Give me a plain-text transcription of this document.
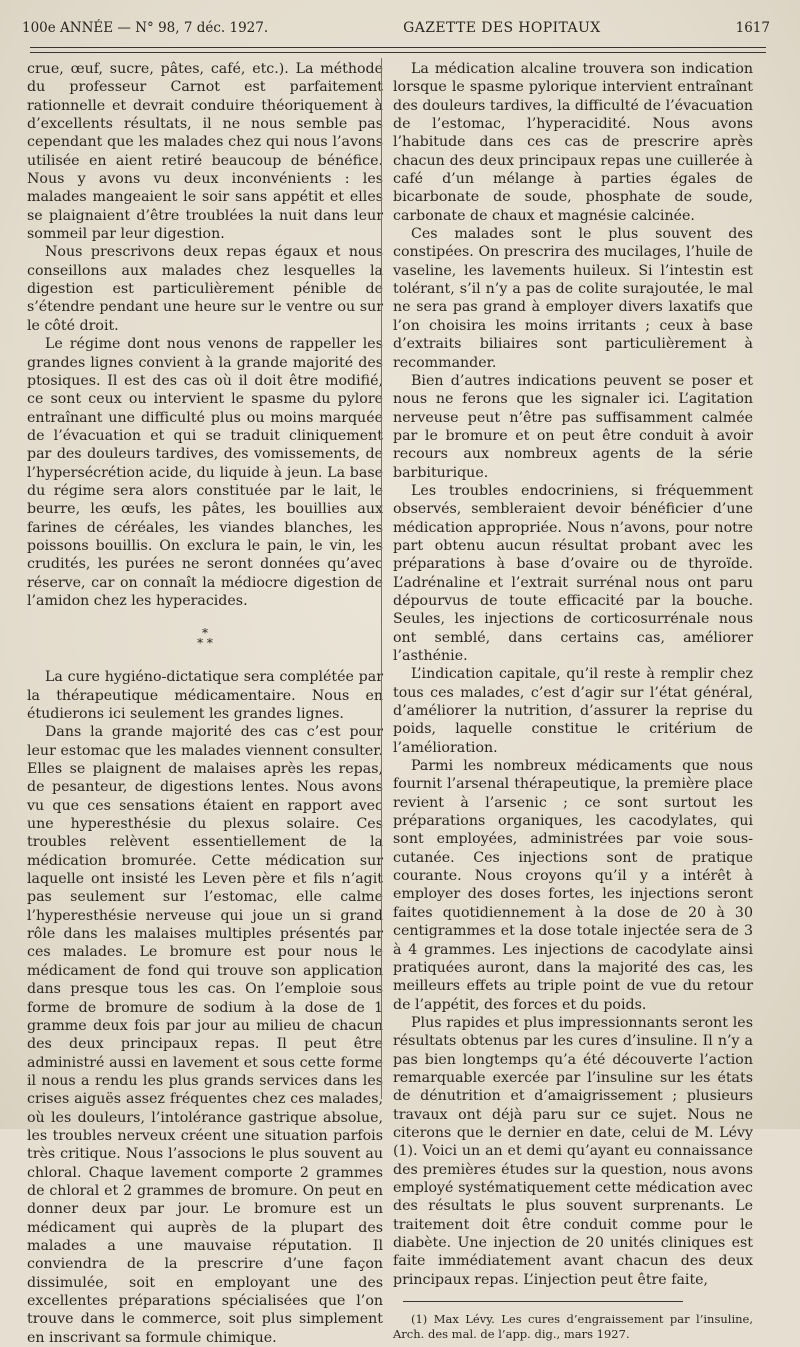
100e ANNÉE — N° 98, 7 déc. 1927.	GAZETTE DES HOPITAUX	1617

crue, œuf, sucre, pâtes, café, etc.). La méthode du professeur Carnot est parfaitement rationnelle et devrait conduire théoriquement à d’excellents résultats, il ne nous semble pas cependant que les malades chez qui nous l’avons utilisée en aient retiré beaucoup de bénéfice. Nous y avons vu deux inconvénients : les malades mangeaient le soir sans appétit et elles se plaignaient d’être troublées la nuit dans leur sommeil par leur digestion.

Nous prescrivons deux repas égaux et nous conseillons aux malades chez lesquelles la digestion est particulièrement pénible de s’étendre pendant une heure sur le ventre ou sur le côté droit.

Le régime dont nous venons de rappeller les grandes lignes convient à la grande majorité des ptosiques. Il est des cas où il doit être modifié, ce sont ceux ou intervient le spasme du pylore entraînant une difficulté plus ou moins marquée de l’évacuation et qui se traduit cliniquement par des douleurs tardives, des vomissements, de l’hypersécrétion acide, du liquide à jeun. La base du régime sera alors constituée par le lait, le beurre, les œufs, les pâtes, les bouillies aux farines de céréales, les viandes blanches, les poissons bouillis. On exclura le pain, le vin, les crudités, les purées ne seront données qu’avec réserve, car on connaît la médiocre digestion de l’amidon chez les hyperacides.

*
* *

La cure hygiéno-dictatique sera complétée par la thérapeutique médicamentaire. Nous en étudierons ici seulement les grandes lignes.

Dans la grande majorité des cas c’est pour leur estomac que les malades viennent consulter. Elles se plaignent de malaises après les repas, de pesanteur, de digestions lentes. Nous avons vu que ces sensations étaient en rapport avec une hyperesthésie du plexus solaire. Ces troubles relèvent essentiellement de la médication bromurée. Cette médication sur laquelle ont insisté les Leven père et fils n’agit pas seulement sur l’estomac, elle calme l’hyperesthésie nerveuse qui joue un si grand rôle dans les malaises multiples présentés par ces malades. Le bromure est pour nous le médicament de fond qui trouve son application dans presque tous les cas. On l’emploie sous forme de bromure de sodium à la dose de 1 gramme deux fois par jour au milieu de chacun des deux principaux repas. Il peut être administré aussi en lavement et sous cette forme il nous a rendu les plus grands services dans les crises aiguës assez fréquentes chez ces malades, où les douleurs, l’intolérance gastrique absolue, les troubles nerveux créent une situation parfois très critique. Nous l’associons le plus souvent au chloral. Chaque lavement comporte 2 grammes de chloral et 2 grammes de bromure. On peut en donner deux par jour. Le bromure est un médicament qui auprès de la plupart des malades a une mauvaise réputation. Il conviendra de la prescrire d’une façon dissimulée, soit en employant une des excellentes préparations spécialisées que l’on trouve dans le commerce, soit plus simplement en inscrivant sa formule chimique.

La médication alcaline trouvera son indication lorsque le spasme pylorique intervient entraînant des douleurs tardives, la difficulté de l’évacuation de l’estomac, l’hyperacidité. Nous avons l’habitude dans ces cas de prescrire après chacun des deux principaux repas une cuillerée à café d’un mélange à parties égales de bicarbonate de soude, phosphate de soude, carbonate de chaux et magnésie calcinée.

Ces malades sont le plus souvent des constipées. On prescrira des mucilages, l’huile de vaseline, les lavements huileux. Si l’intestin est tolérant, s’il n’y a pas de colite surajoutée, le mal ne sera pas grand à employer divers laxatifs que l’on choisira les moins irritants ; ceux à base d’extraits biliaires sont particulièrement à recommander.

Bien d’autres indications peuvent se poser et nous ne ferons que les signaler ici. L’agitation nerveuse peut n’être pas suffisamment calmée par le bromure et on peut être conduit à avoir recours aux nombreux agents de la série barbiturique.

Les troubles endocriniens, si fréquemment observés, sembleraient devoir bénéficier d’une médication appropriée. Nous n’avons, pour notre part obtenu aucun résultat probant avec les préparations à base d’ovaire ou de thyroïde. L’adrénaline et l’extrait surrénal nous ont paru dépourvus de toute efficacité par la bouche. Seules, les injections de corticosurrénale nous ont semblé, dans certains cas, améliorer l’asthénie.

L’indication capitale, qu’il reste à remplir chez tous ces malades, c’est d’agir sur l’état général, d’améliorer la nutrition, d’assurer la reprise du poids, laquelle constitue le critérium de l’amélioration.

Parmi les nombreux médicaments que nous fournit l’arsenal thérapeutique, la première place revient à l’arsenic ; ce sont surtout les préparations organiques, les cacodylates, qui sont employées, administrées par voie sous-cutanée. Ces injections sont de pratique courante. Nous croyons qu’il y a intérêt à employer des doses fortes, les injections seront faites quotidiennement à la dose de 20 à 30 centigrammes et la dose totale injectée sera de 3 à 4 grammes. Les injections de cacodylate ainsi pratiquées auront, dans la majorité des cas, les meilleurs effets au triple point de vue du retour de l’appétit, des forces et du poids.

Plus rapides et plus impressionnants seront les résultats obtenus par les cures d’insuline. Il n’y a pas bien longtemps qu’a été découverte l’action remarquable exercée par l’insuline sur les états de dénutrition et d’amaigrissement ; plusieurs travaux ont déjà paru sur ce sujet. Nous ne citerons que le dernier en date, celui de M. Lévy (1). Voici un an et demi qu’ayant eu connaissance des premières études sur la question, nous avons employé systématiquement cette médication avec des résultats le plus souvent surprenants. Le traitement doit être conduit comme pour le diabète. Une injection de 20 unités cliniques est faite immédiatement avant chacun des deux principaux repas. L’injection peut être faite,

(1) Max Lévy. Les cures d’engraissement par l’insuline, Arch. des mal. de l’app. dig., mars 1927.
